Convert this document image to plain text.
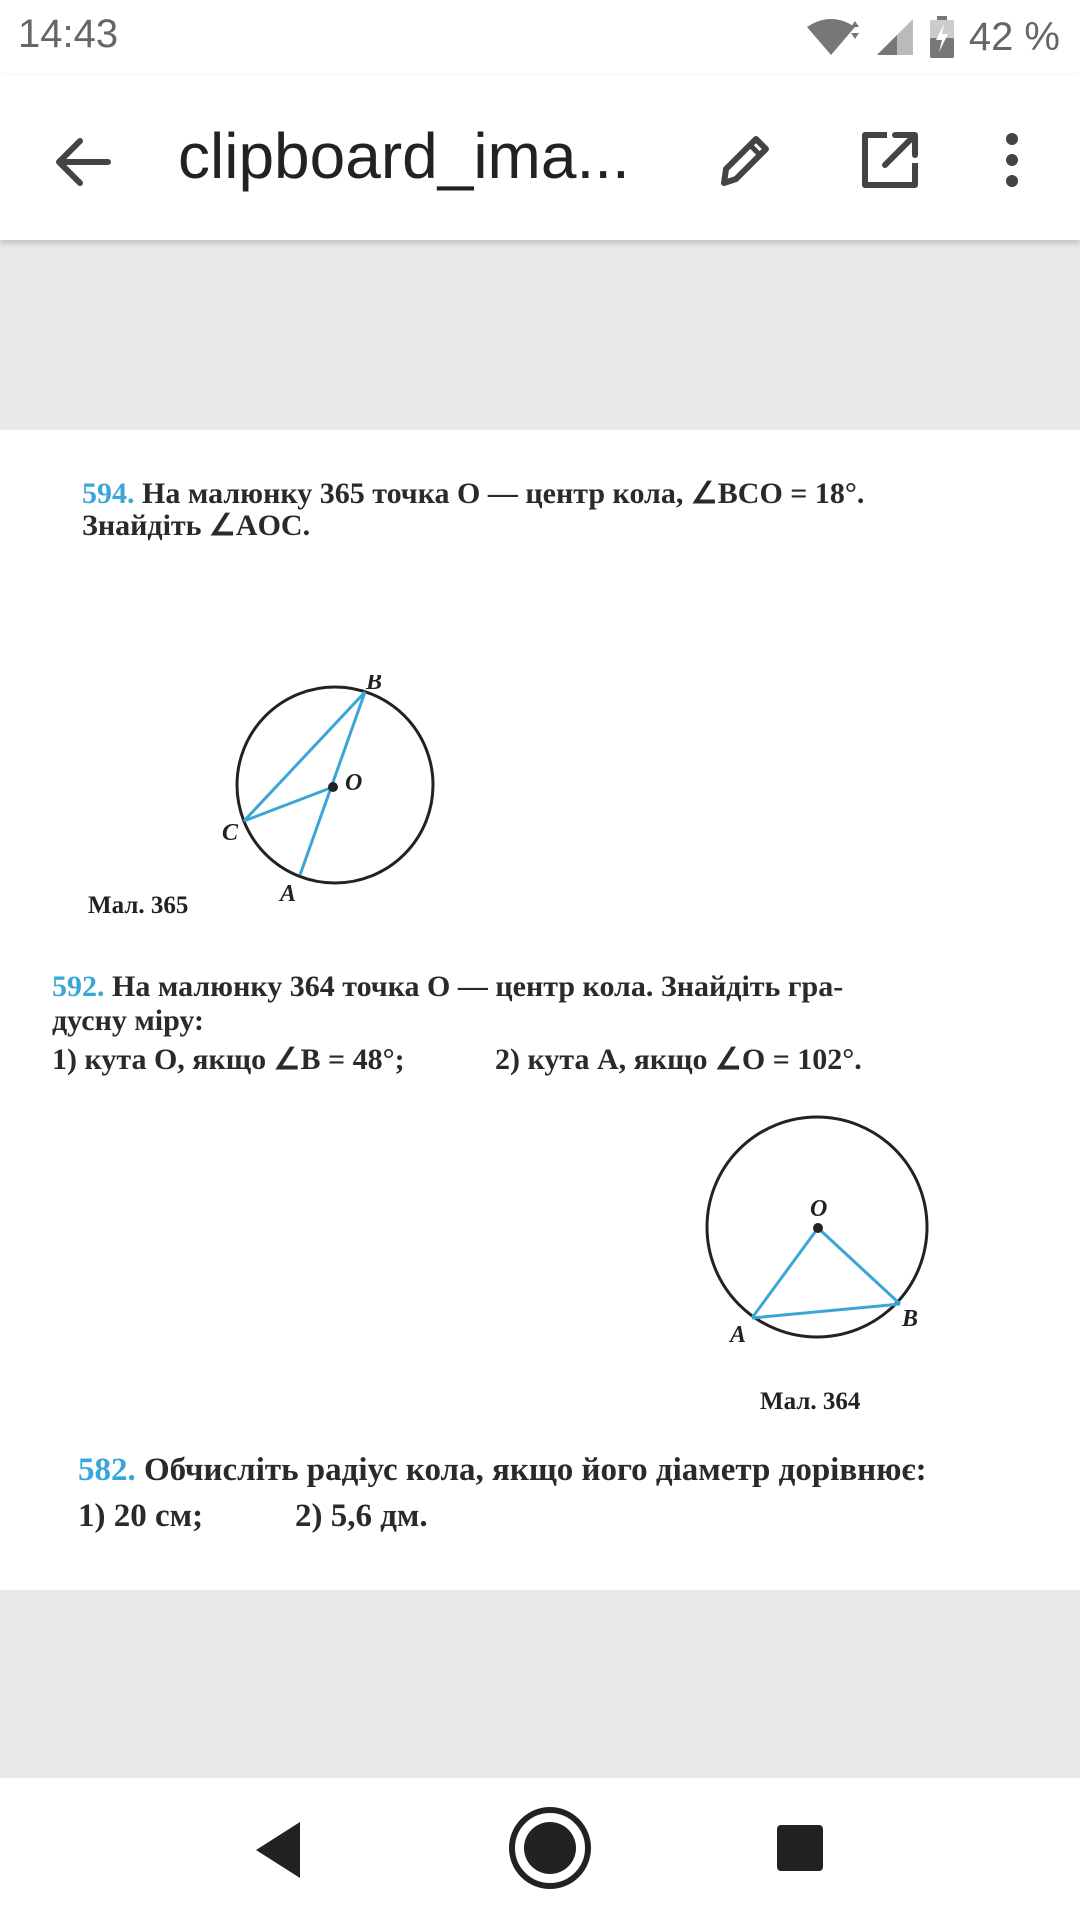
14:43	42 %
clipboard_ima...
594. На малюнку 365 точка O — центр кола, ∠BCO = 18°.
Знайдіть ∠AOC.
B
O
C
A
Мал. 365
592. На малюнку 364 точка O — центр кола. Знайдіть гра-
дусну міру:
1) кута O, якщо ∠B = 48°;	2) кута A, якщо ∠O = 102°.
O
A
B
Мал. 364
582. Обчисліть радіус кола, якщо його діаметр дорівнює:
1) 20 см;	2) 5,6 дм.
